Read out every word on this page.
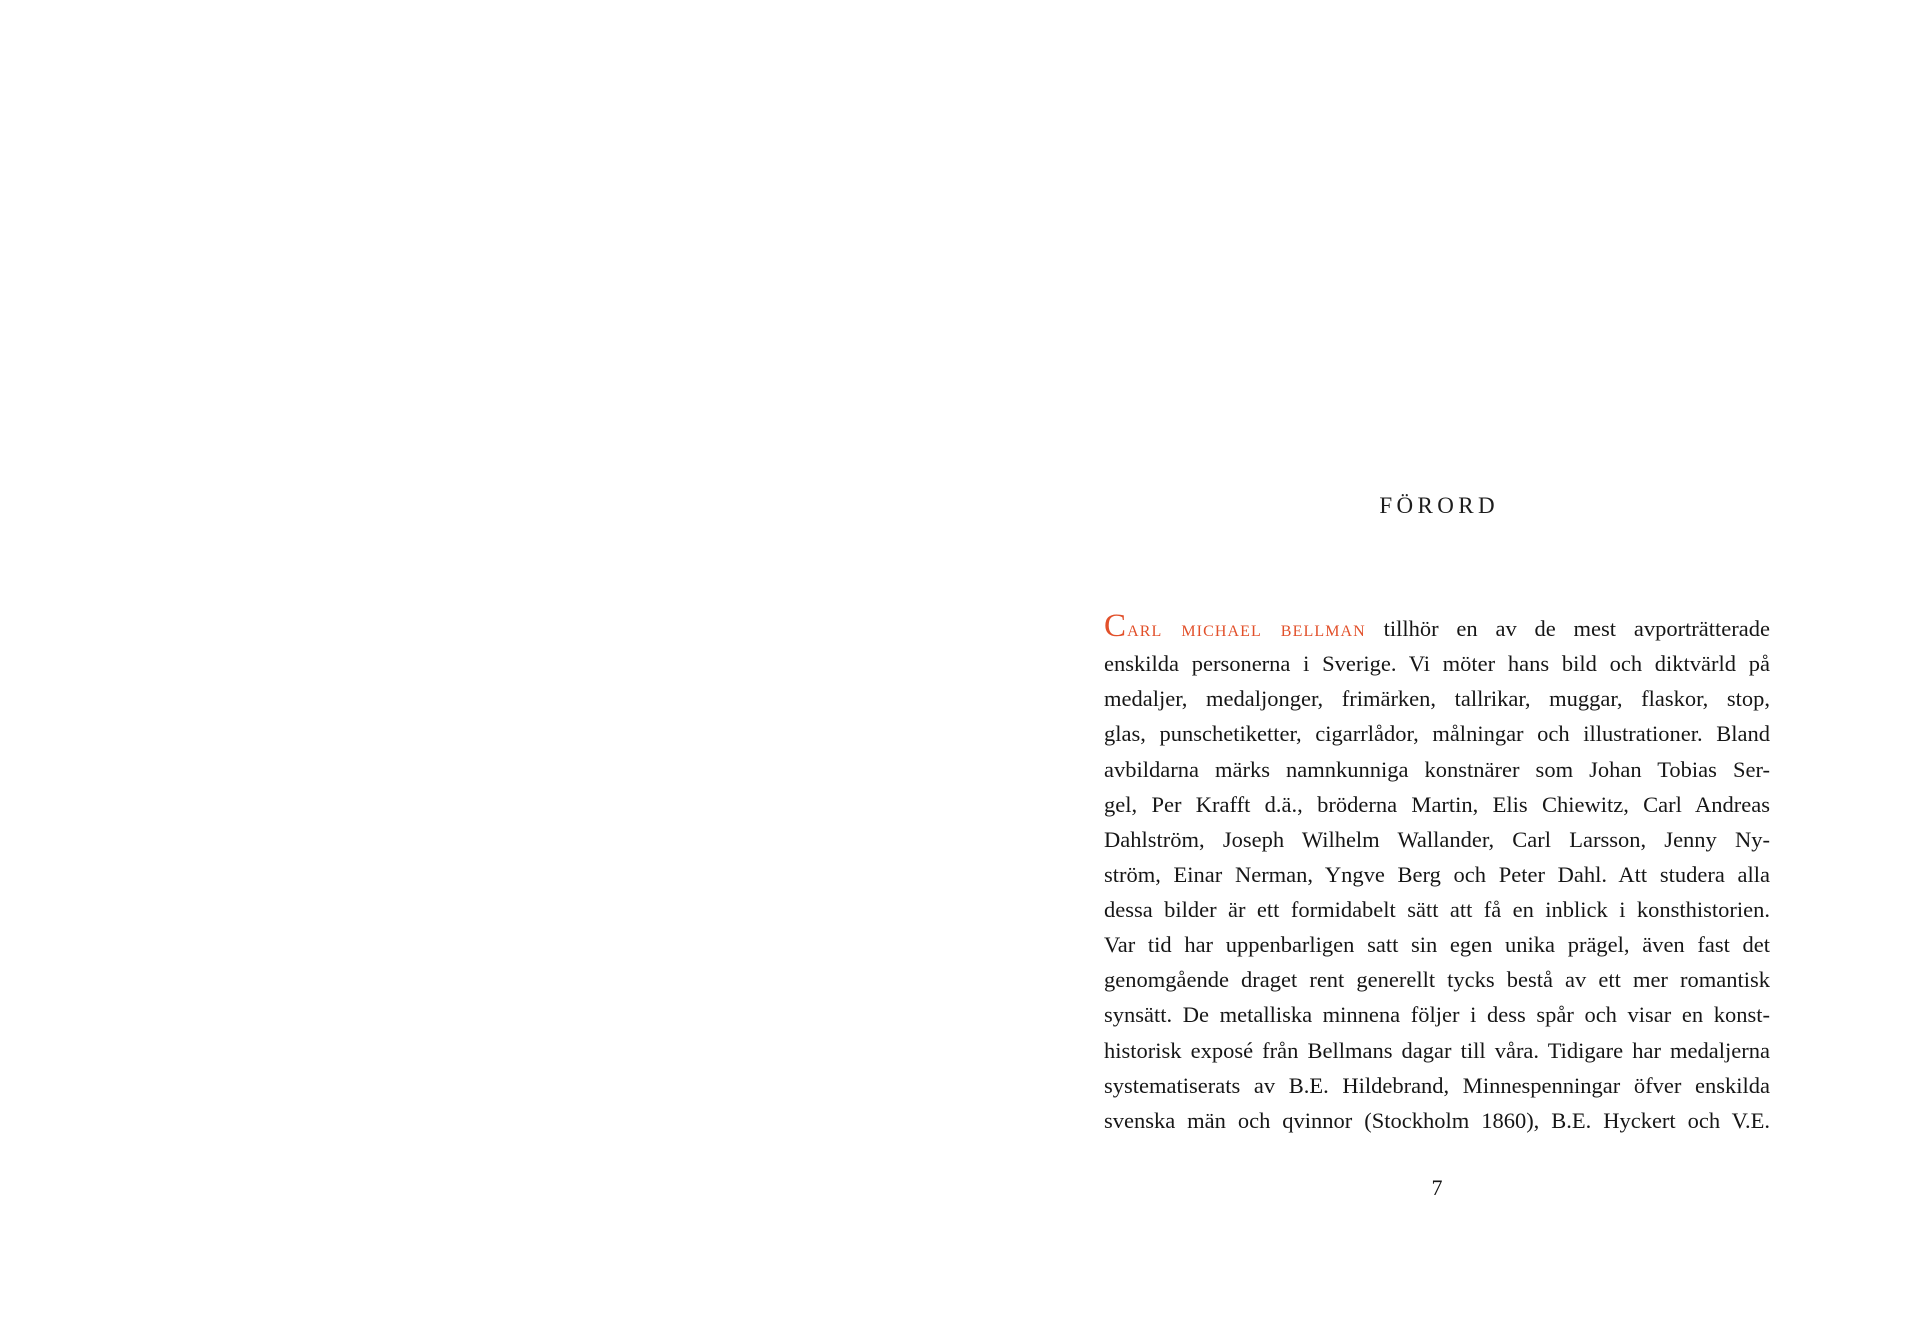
FÖRORD
Carl michael bellman tillhör en av de mest avporträtterade
enskilda personerna i Sverige. Vi möter hans bild och diktvärld på
medaljer, medaljonger, frimärken, tallrikar, muggar, flaskor, stop,
glas, punschetiketter, cigarrlådor, målningar och illustrationer. Bland
avbildarna märks namnkunniga konstnärer som Johan Tobias Ser-
gel, Per Krafft d.ä., bröderna Martin, Elis Chiewitz, Carl Andreas
Dahlström, Joseph Wilhelm Wallander, Carl Larsson, Jenny Ny-
ström, Einar Nerman, Yngve Berg och Peter Dahl. Att studera alla
dessa bilder är ett formidabelt sätt att få en inblick i konsthistorien.
Var tid har uppenbarligen satt sin egen unika prägel, även fast det
genomgående draget rent generellt tycks bestå av ett mer romantisk
synsätt. De metalliska minnena följer i dess spår och visar en konst-
historisk exposé från Bellmans dagar till våra. Tidigare har medaljerna
systematiserats av B.E. Hildebrand, Minnespenningar öfver enskilda
svenska män och qvinnor (Stockholm 1860), B.E. Hyckert och V.E.
7
